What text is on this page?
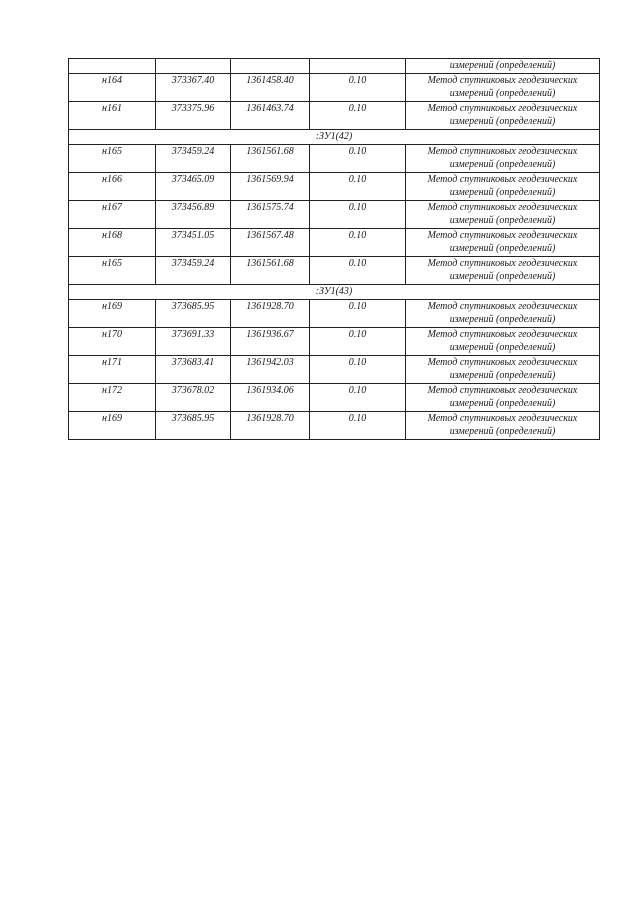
				измерений (определений)

н164	373367.40	1361458.40	0.10	Метод спутниковых геодезических
измерений (определений)

н161	373375.96	1361463.74	0.10	Метод спутниковых геодезических
измерений (определений)

:ЗУ1(42)				
н165	373459.24	1361561.68	0.10	Метод спутниковых геодезических
измерений (определений)

н166	373465.09	1361569.94	0.10	Метод спутниковых геодезических
измерений (определений)

н167	373456.89	1361575.74	0.10	Метод спутниковых геодезических
измерений (определений)

н168	373451.05	1361567.48	0.10	Метод спутниковых геодезических
измерений (определений)

н165	373459.24	1361561.68	0.10	Метод спутниковых геодезических
измерений (определений)

:ЗУ1(43)				
н169	373685.95	1361928.70	0.10	Метод спутниковых геодезических
измерений (определений)

н170	373691.33	1361936.67	0.10	Метод спутниковых геодезических
измерений (определений)

н171	373683.41	1361942.03	0.10	Метод спутниковых геодезических
измерений (определений)

н172	373678.02	1361934.06	0.10	Метод спутниковых геодезических
измерений (определений)

н169	373685.95	1361928.70	0.10	Метод спутниковых геодезических
измерений (определений)
